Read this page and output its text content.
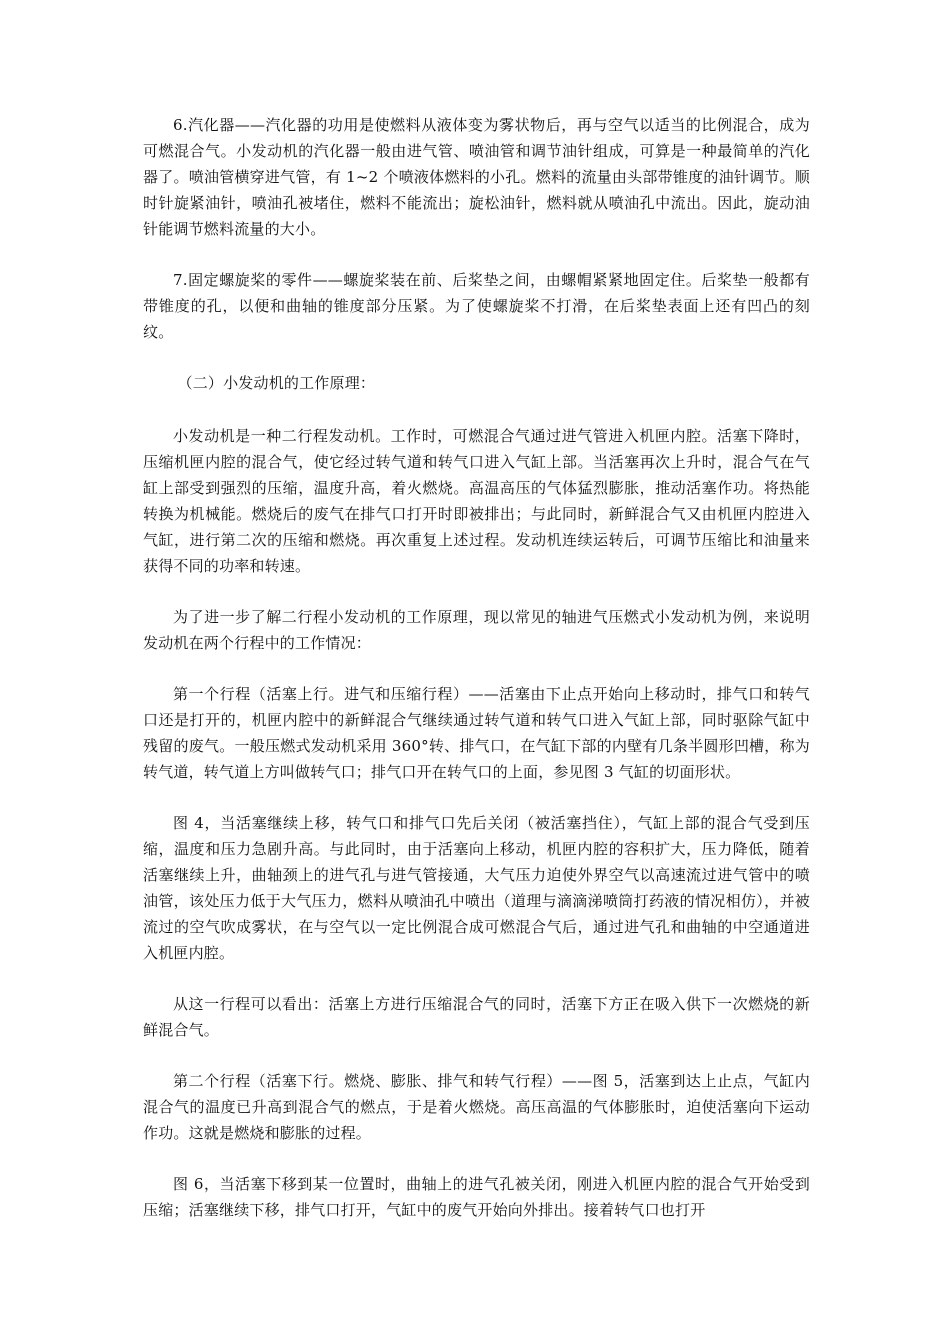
6.汽化器——汽化器的功用是使燃料从液体变为雾状物后，再与空气以适当的比例混合，成为可燃混合气。小发动机的汽化器一般由进气管、喷油管和调节油针组成，可算是一种最简单的汽化器了。喷油管横穿进气管，有 1~2 个喷液体燃料的小孔。燃料的流量由头部带锥度的油针调节。顺时针旋紧油针，喷油孔被堵住，燃料不能流出；旋松油针，燃料就从喷油孔中流出。因此，旋动油针能调节燃料流量的大小。

7.固定螺旋桨的零件——螺旋桨装在前、后桨垫之间，由螺帽紧紧地固定住。后桨垫一般都有带锥度的孔，以便和曲轴的锥度部分压紧。为了使螺旋桨不打滑，在后桨垫表面上还有凹凸的刻纹。

（二）小发动机的工作原理：

小发动机是一种二行程发动机。工作时，可燃混合气通过进气管进入机匣内腔。活塞下降时，压缩机匣内腔的混合气，使它经过转气道和转气口进入气缸上部。当活塞再次上升时，混合气在气缸上部受到强烈的压缩，温度升高，着火燃烧。高温高压的气体猛烈膨胀，推动活塞作功。将热能转换为机械能。燃烧后的废气在排气口打开时即被排出；与此同时，新鲜混合气又由机匣内腔进入气缸，进行第二次的压缩和燃烧。再次重复上述过程。发动机连续运转后，可调节压缩比和油量来获得不同的功率和转速。

为了进一步了解二行程小发动机的工作原理，现以常见的轴进气压燃式小发动机为例，来说明发动机在两个行程中的工作情况：

第一个行程（活塞上行。进气和压缩行程）——活塞由下止点开始向上移动时，排气口和转气口还是打开的，机匣内腔中的新鲜混合气继续通过转气道和转气口进入气缸上部，同时驱除气缸中残留的废气。一般压燃式发动机采用 360°转、排气口，在气缸下部的内壁有几条半圆形凹槽，称为转气道，转气道上方叫做转气口；排气口开在转气口的上面，参见图 3 气缸的切面形状。

图 4，当活塞继续上移，转气口和排气口先后关闭（被活塞挡住），气缸上部的混合气受到压缩，温度和压力急剧升高。与此同时，由于活塞向上移动，机匣内腔的容积扩大，压力降低，随着活塞继续上升，曲轴颈上的进气孔与进气管接通，大气压力迫使外界空气以高速流过进气管中的喷油管，该处压力低于大气压力，燃料从喷油孔中喷出（道理与滴滴涕喷筒打药液的情况相仿），并被流过的空气吹成雾状，在与空气以一定比例混合成可燃混合气后，通过进气孔和曲轴的中空通道进入机匣内腔。

从这一行程可以看出：活塞上方进行压缩混合气的同时，活塞下方正在吸入供下一次燃烧的新鲜混合气。

第二个行程（活塞下行。燃烧、膨胀、排气和转气行程）——图 5，活塞到达上止点，气缸内混合气的温度已升高到混合气的燃点，于是着火燃烧。高压高温的气体膨胀时，迫使活塞向下运动作功。这就是燃烧和膨胀的过程。

图 6，当活塞下移到某一位置时，曲轴上的进气孔被关闭，刚进入机匣内腔的混合气开始受到压缩；活塞继续下移，排气口打开，气缸中的废气开始向外排出。接着转气口也打开
